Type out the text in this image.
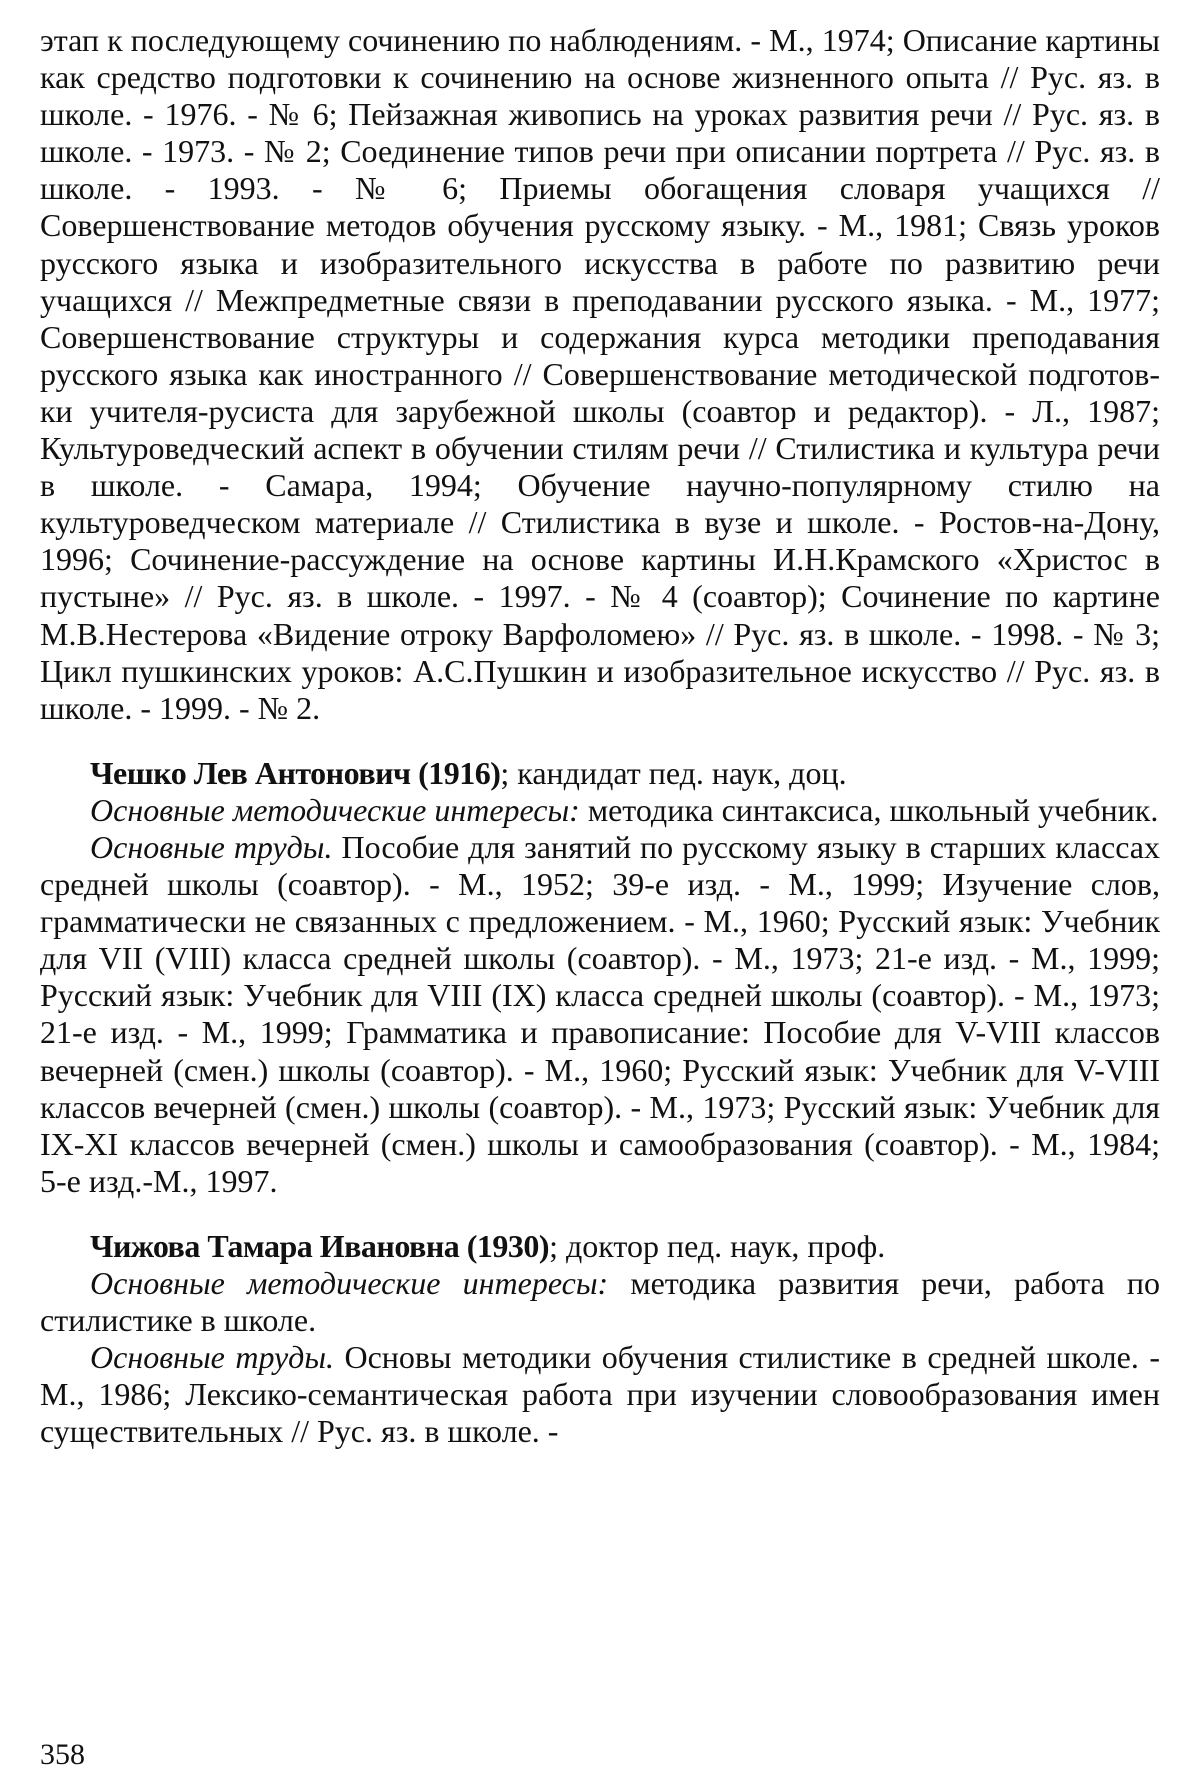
этап к последующему сочинению по наблюдениям. - М., 1974; Описание картины как средство подготовки к сочинению на основе жизненного опыта // Рус. яз. в школе. - 1976. - № 6; Пейзажная живопись на уроках развития речи // Рус. яз. в школе. - 1973. - № 2; Соединение типов речи при описании портрета // Рус. яз. в школе. - 1993. - № 6; Приемы обогащения словаря учащихся // Совершенствование методов обучения русскому языку. - М., 1981; Связь уроков русского языка и изобразительного искусства в работе по развитию речи учащихся // Межпредметные связи в преподавании русского языка. - М., 1977; Совершенствование структуры и содержания курса методики преподавания русского языка как иностранного // Совершенствование методической подготовки учителя-русиста для зарубежной школы (соавтор и редактор). - Л., 1987; Культуроведческий аспект в обучении стилям речи // Стилистика и культура речи в школе. - Самара, 1994; Обучение научно-популярному стилю на культуроведческом материале // Стилистика в вузе и школе. - Ростов-на-Дону, 1996; Сочинение-рассуждение на основе картины И.Н.Крамского «Христос в пустыне» // Рус. яз. в школе. - 1997. - № 4 (соавтор); Сочинение по картине М.В.Нестерова «Видение отроку Варфоломею» // Рус. яз. в школе. - 1998. - № 3; Цикл пушкинских уроков: А.С.Пушкин и изобразительное искусство // Рус. яз. в школе. - 1999. - № 2.

Чешко Лев Антонович (1916); кандидат пед. наук, доц.

Основные методические интересы: методика синтаксиса, школьный учебник.

Основные труды. Пособие для занятий по русскому языку в старших классах средней школы (соавтор). - М., 1952; 39-е изд. - М., 1999; Изучение слов, грамматически не связанных с предложением. - М., 1960; Русский язык: Учебник для VII (VIII) класса средней школы (соавтор). - М., 1973; 21-е изд. - М., 1999; Русский язык: Учебник для VIII (IX) класса средней школы (соавтор). - М., 1973; 21-е изд. - М., 1999; Грамматика и правописание: Пособие для V-VIII классов вечерней (смен.) школы (соавтор). - М., 1960; Русский язык: Учебник для V-VIII классов вечерней (смен.) школы (соавтор). - М., 1973; Русский язык: Учебник для IX-XI классов вечерней (смен.) школы и самообразования (соавтор). - М., 1984; 5-е изд.-М., 1997.

Чижова Тамара Ивановна (1930); доктор пед. наук, проф.

Основные методические интересы: методика развития речи, работа по стилистике в школе.

Основные труды. Основы методики обучения стилистике в средней школе. - М., 1986; Лексико-семантическая работа при изучении словообразования имен существительных // Рус. яз. в школе. -

358
